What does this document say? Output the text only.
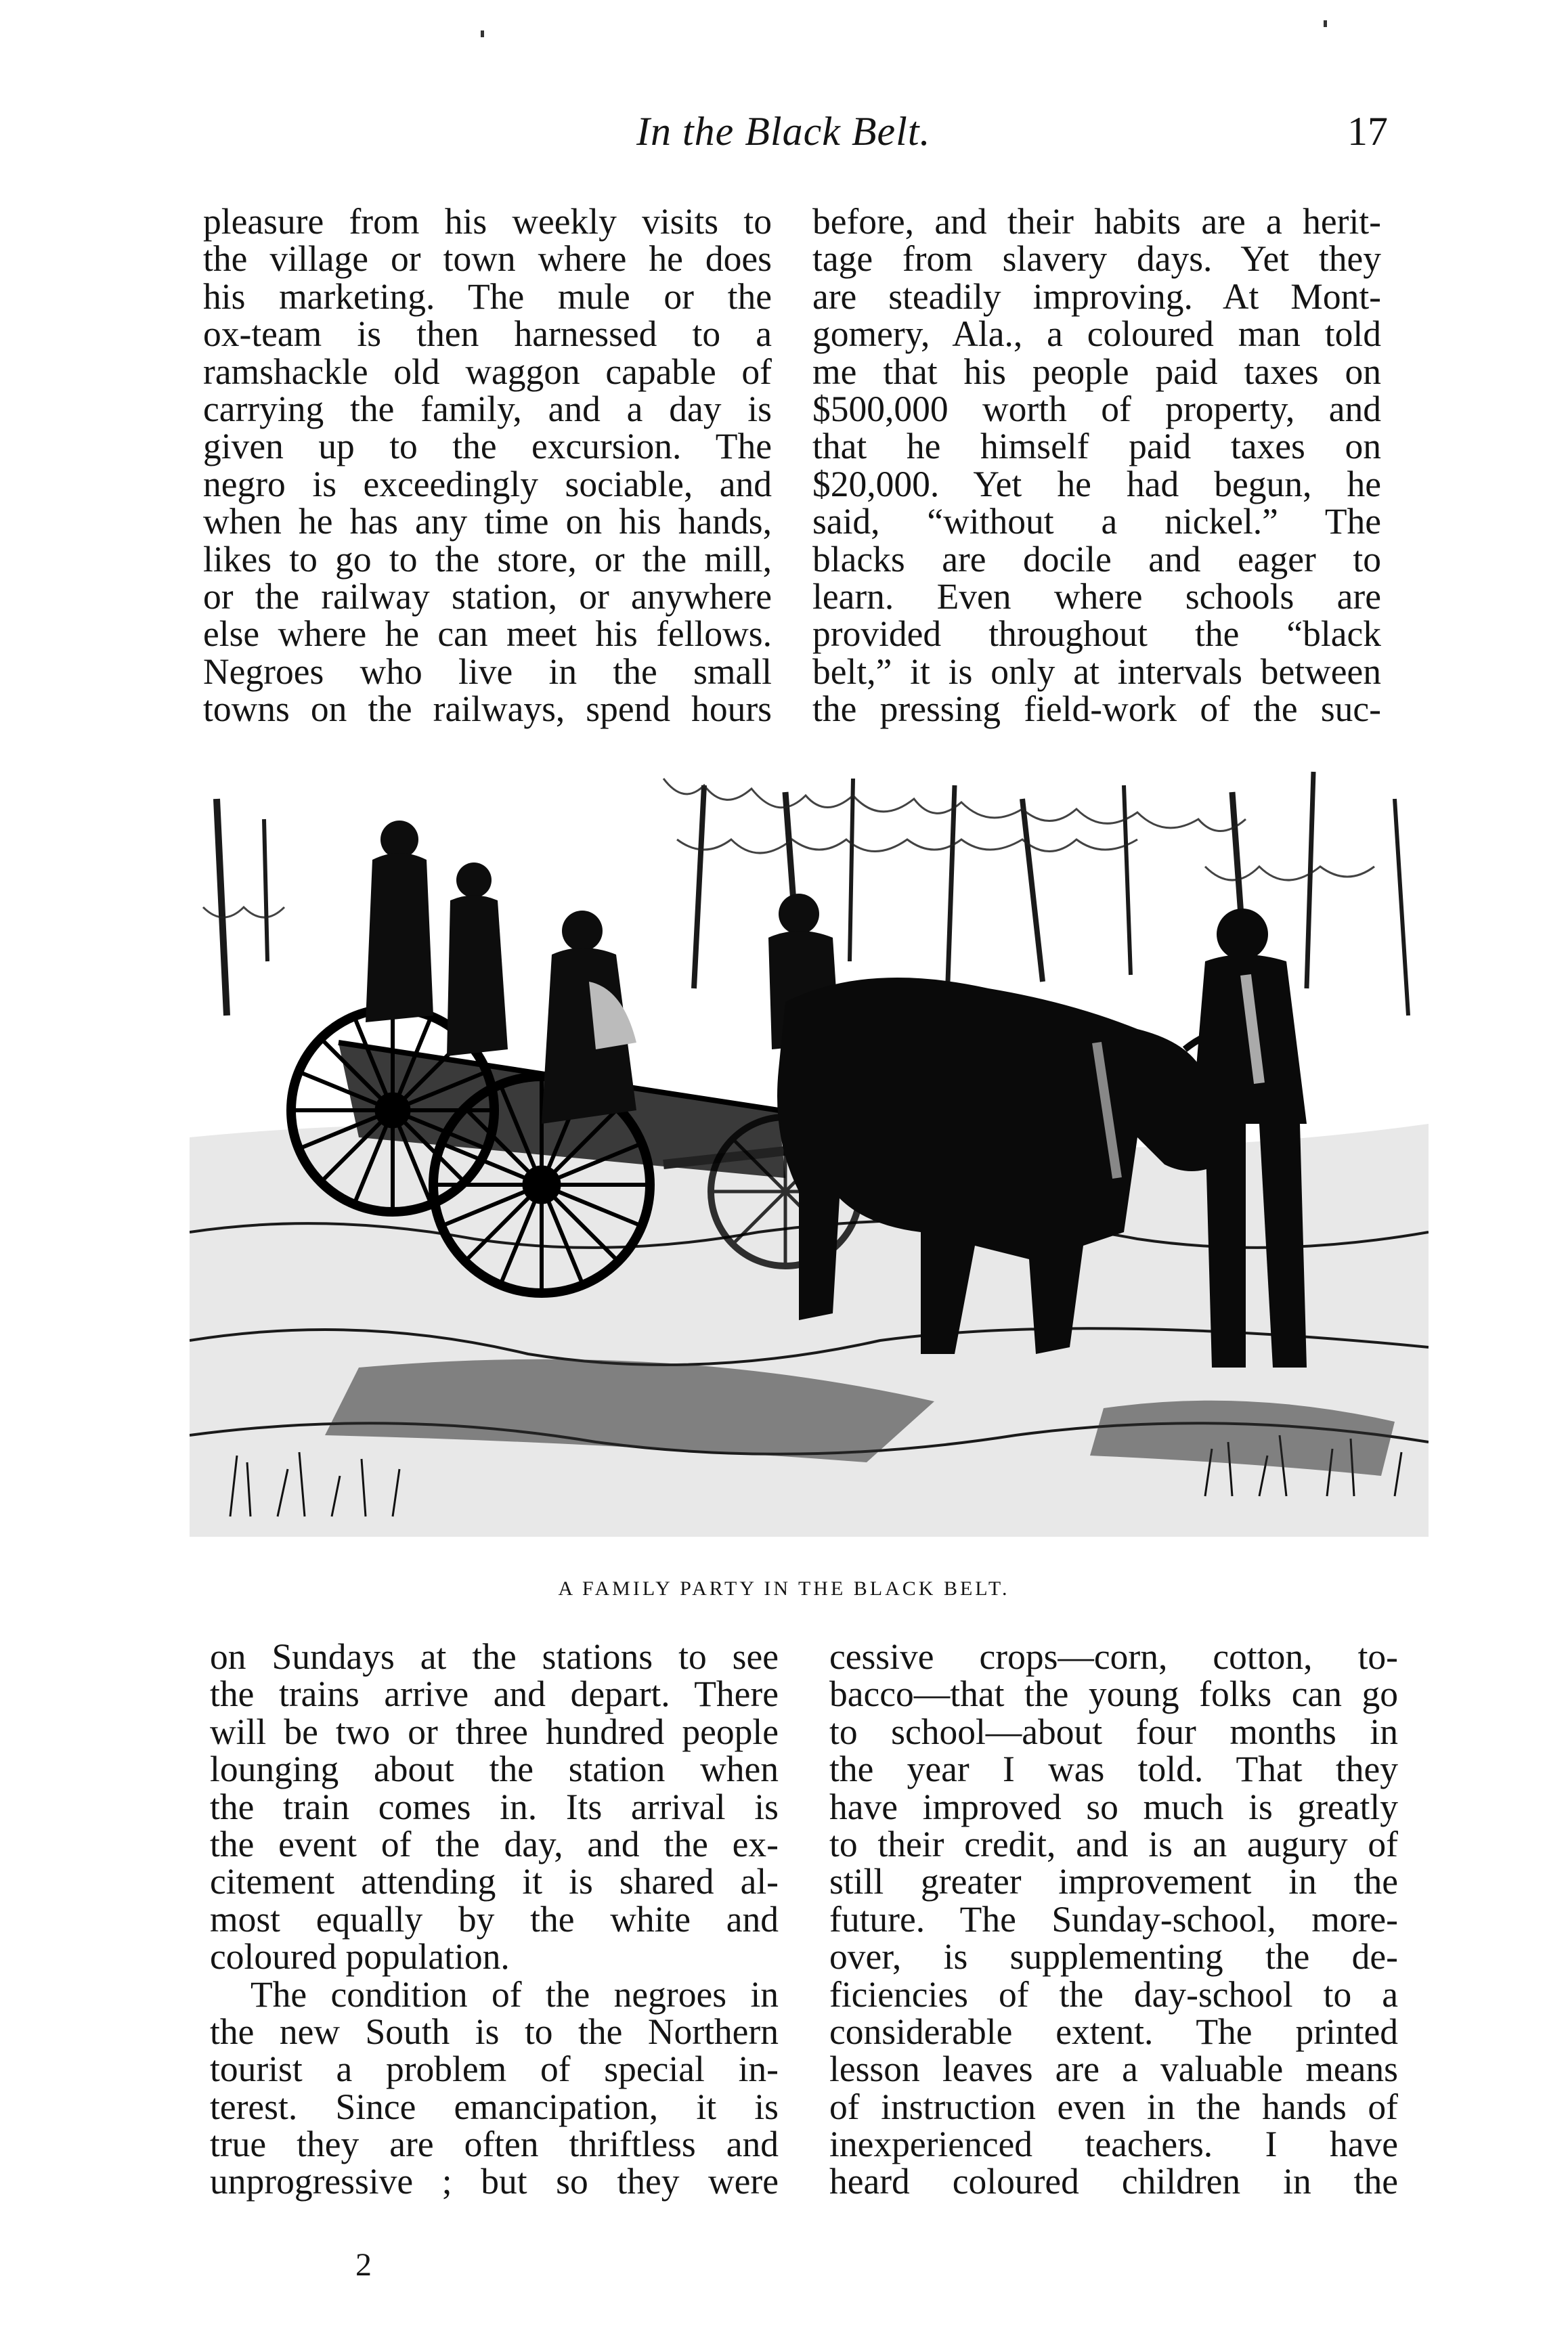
In the Black Belt.	17
pleasure from his weekly visits to
the village or town where he does
his marketing. The mule or the
ox-team is then harnessed to a
ramshackle old waggon capable of
carrying the family, and a day is
given up to the excursion. The
negro is exceedingly sociable, and
when he has any time on his hands,
likes to go to the store, or the mill,
or the railway station, or anywhere
else where he can meet his fellows.
Negroes who live in the small
towns on the railways, spend hours
before, and their habits are a herit-
tage from slavery days. Yet they
are steadily improving. At Mont-
gomery, Ala., a coloured man told
me that his people paid taxes on
$500,000 worth of property, and
that he himself paid taxes on
$20,000. Yet he had begun, he
said, “without a nickel.” The
blacks are docile and eager to
learn. Even where schools are
provided throughout the “black
belt,” it is only at intervals between
the pressing field-work of the suc-
A FAMILY PARTY IN THE BLACK BELT.
on Sundays at the stations to see
the trains arrive and depart. There
will be two or three hundred people
lounging about the station when
the train comes in. Its arrival is
the event of the day, and the ex-
citement attending it is shared al-
most equally by the white and
coloured population.
The condition of the negroes in
the new South is to the Northern
tourist a problem of special in-
terest. Since emancipation, it is
true they are often thriftless and
unprogressive ; but so they were
cessive crops—corn, cotton, to-
bacco—that the young folks can go
to school—about four months in
the year I was told. That they
have improved so much is greatly
to their credit, and is an augury of
still greater improvement in the
future. The Sunday-school, more-
over, is supplementing the de-
ficiencies of the day-school to a
considerable extent. The printed
lesson leaves are a valuable means
of instruction even in the hands of
inexperienced teachers. I have
heard coloured children in the
2
